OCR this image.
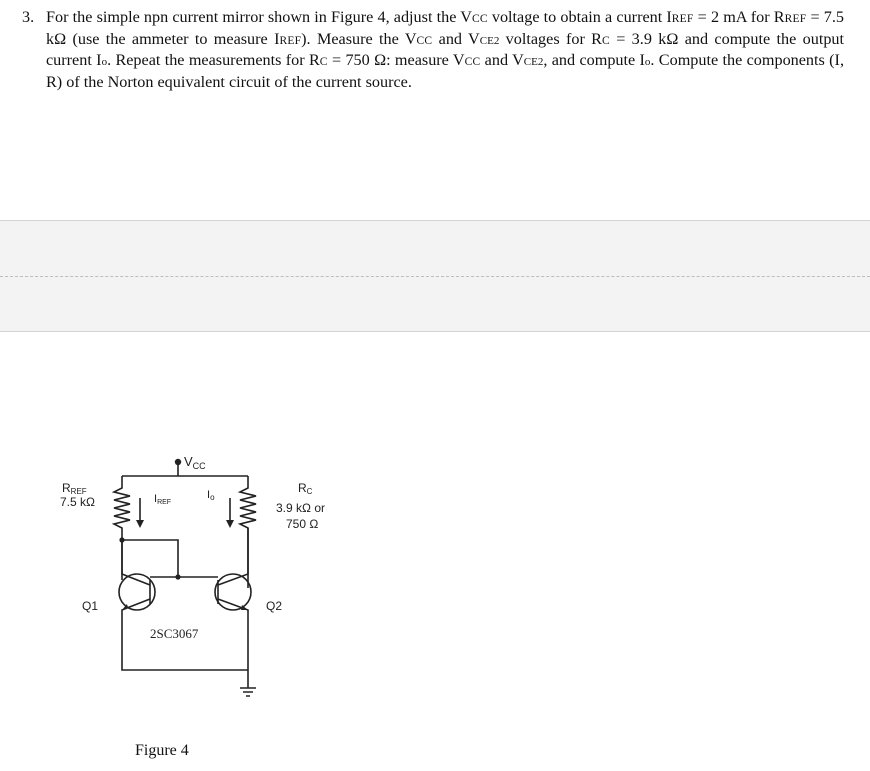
3. For the simple npn current mirror shown in Figure 4, adjust the VCC voltage to obtain a current IREF = 2 mA for RREF = 7.5 kΩ (use the ammeter to measure IREF). Measure the VCC and VCE2 voltages for RC = 3.9 kΩ and compute the output current Io. Repeat the measurements for RC = 750 Ω: measure VCC and VCE2, and compute Io. Compute the components (I, R) of the Norton equivalent circuit of the current source.
$V_{CC}$
RREF
7.5 kΩ	IREF
Io
RC
3.9 kΩ or
750 Ω
Q1	Q2
2SC3067
Figure 4
